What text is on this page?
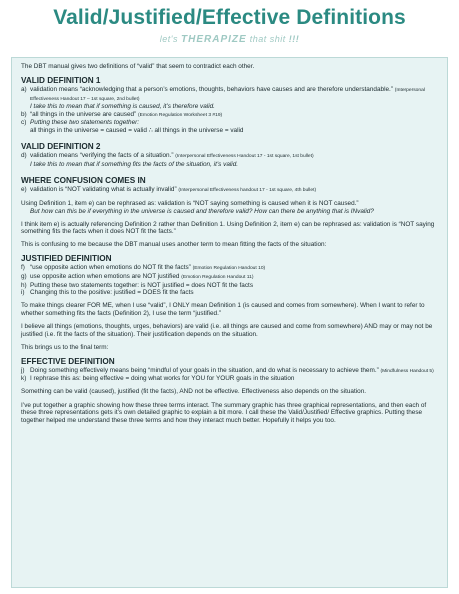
Valid/Justified/Effective Definitions
let's THERAPIZE that shit !!!
The DBT manual gives two definitions of “valid” that seem to contradict each other.
VALID DEFINITION 1
a) validation means “acknowledging that a person’s emotions, thoughts, behaviors have causes and are therefore understandable.” (Interpersonal Effectiveness Handout 17 – 1st square, 2nd bullet)
I take this to mean that if something is caused, it’s therefore valid.
b) “all things in the universe are caused” (Emotion Regulation Worksheet 3 #19)
c) Putting these two statements together:
all things in the universe = caused = valid ∴ all things in the universe = valid
VALID DEFINITION 2
d) validation means “verifying the facts of a situation.” (Interpersonal Effectiveness Handout 17 - 1st square, 1st bullet)
I take this to mean that if something fits the facts of the situation, it’s valid.
WHERE CONFUSION COMES IN
e) validation is “NOT validating what is actually invalid” (Interpersonal Effectiveness handout 17 - 1st square, 4th bullet)
Using Definition 1, item e) can be rephrased as: validation is “NOT saying something is caused when it is NOT caused.”
But how can this be if everything in the universe is caused and therefore valid? How can there be anything that is INvalid?
I think item e) is actually referencing Definition 2 rather than Definition 1. Using Definition 2, item e) can be rephrased as: validation is “NOT saying something fits the facts when it does NOT fit the facts.”
This is confusing to me because the DBT manual uses another term to mean fitting the facts of the situation:
JUSTIFIED DEFINITION
f) “use opposite action when emotions do NOT fit the facts” (Emotion Regulation Handout 10)
g) use opposite action when emotions are NOT justified (Emotion Regulation Handout 11)
h) Putting these two statements together: is NOT justified = does NOT fit the facts
i) Changing this to the positive: justified = DOES fit the facts
To make things clearer FOR ME, when I use “valid”, I ONLY mean Definition 1 (is caused and comes from somewhere). When I want to refer to whether something fits the facts (Definition 2), I use the term “justified.”
I believe all things (emotions, thoughts, urges, behaviors) are valid (i.e. all things are caused and come from somewhere) AND may or may not be justified (i.e. fit the facts of the situation). Their justification depends on the situation.
This brings us to the final term:
EFFECTIVE DEFINITION
j) Doing something effectively means being “mindful of your goals in the situation, and do what is necessary to achieve them.” (Mindfulness Handout 5)
k) I rephrase this as: being effective = doing what works for YOU for YOUR goals in the situation
Something can be valid (caused), justified (fit the facts), AND not be effective. Effectiveness also depends on the situation.
I’ve put together a graphic showing how these three terms interact. The summary graphic has three graphical representations, and then each of these three representations gets it’s own detailed graphic to explain a bit more. I call these the Valid/Justified/ Effective graphics. Putting these together helped me understand these three terms and how they interact much better. Hopefully it helps you too.
